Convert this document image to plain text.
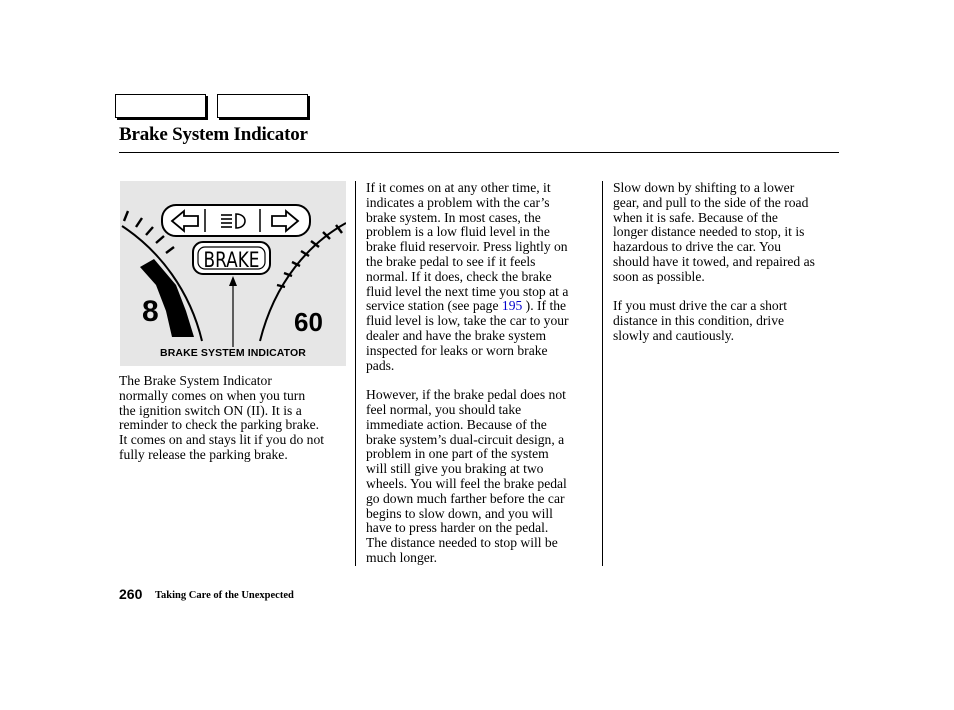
Brake System Indicator
8	60
BRAKE
BRAKE SYSTEM INDICATOR

The Brake System Indicator
normally comes on when you turn
the ignition switch ON (II). It is a
reminder to check the parking brake.
It comes on and stays lit if you do not
fully release the parking brake.

If it comes on at any other time, it
indicates a problem with the car’s
brake system. In most cases, the
problem is a low fluid level in the
brake fluid reservoir. Press lightly on
the brake pedal to see if it feels
normal. If it does, check the brake
fluid level the next time you stop at a
service station (see page 195 ). If the
fluid level is low, take the car to your
dealer and have the brake system
inspected for leaks or worn brake
pads.

However, if the brake pedal does not
feel normal, you should take
immediate action. Because of the
brake system’s dual-circuit design, a
problem in one part of the system
will still give you braking at two
wheels. You will feel the brake pedal
go down much farther before the car
begins to slow down, and you will
have to press harder on the pedal.
The distance needed to stop will be
much longer.

Slow down by shifting to a lower
gear, and pull to the side of the road
when it is safe. Because of the
longer distance needed to stop, it is
hazardous to drive the car. You
should have it towed, and repaired as
soon as possible.

If you must drive the car a short
distance in this condition, drive
slowly and cautiously.

260 Taking Care of the Unexpected
